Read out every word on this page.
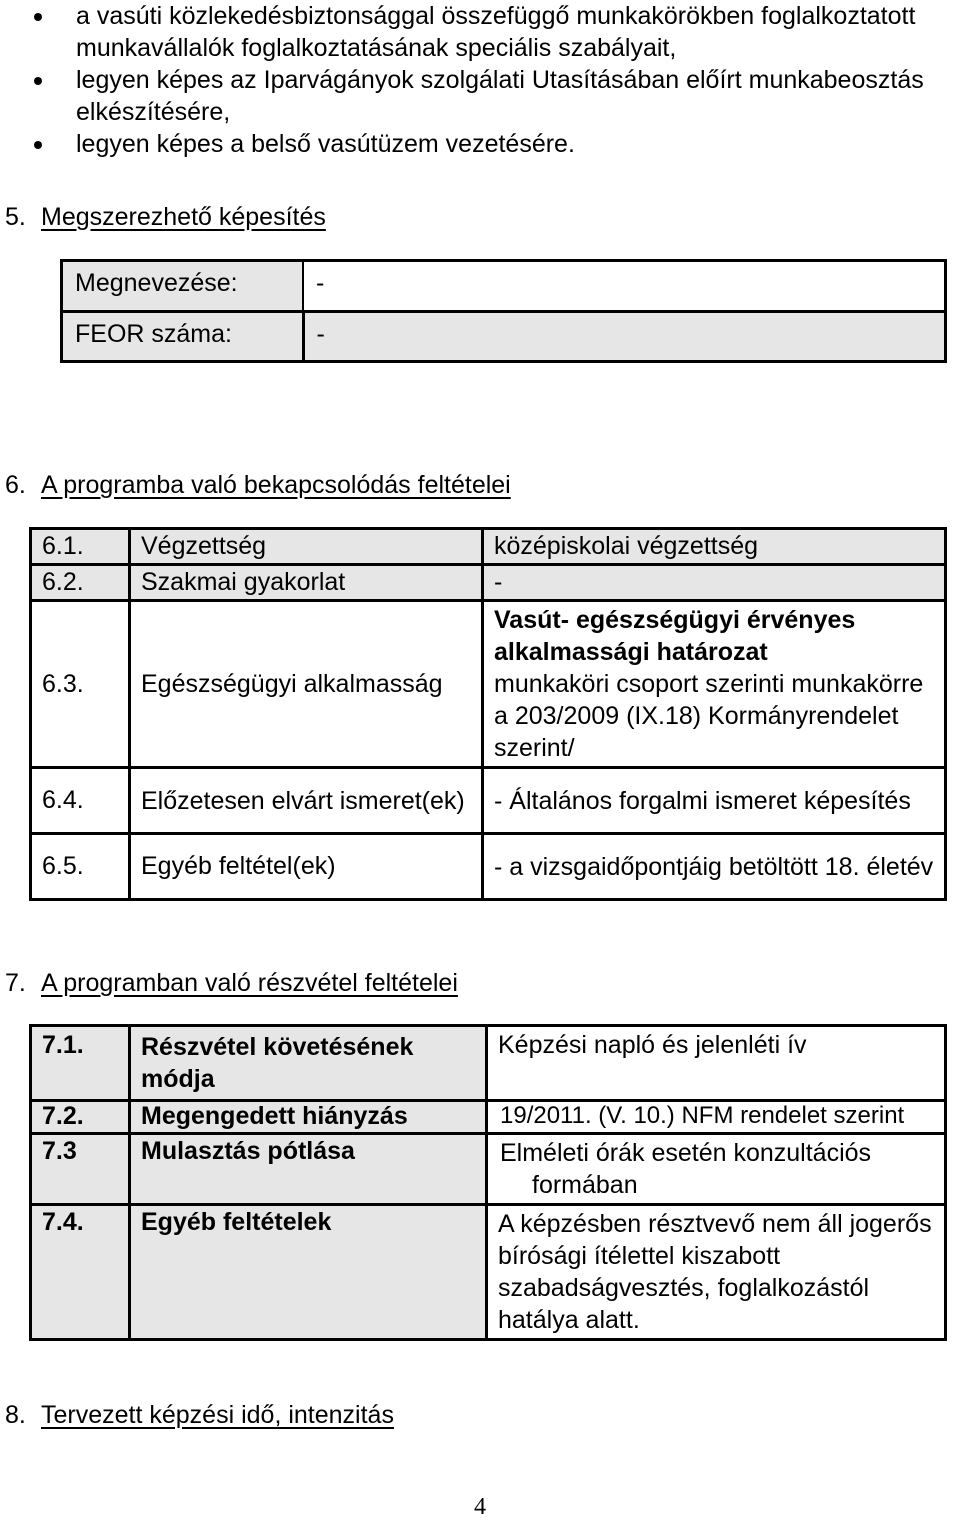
a vasúti közlekedésbiztonsággal összefüggő munkakörökben foglalkoztatott munkavállalók foglalkoztatásának speciális szabályait,
legyen képes az Iparvágányok szolgálati Utasításában előírt munkabeosztás elkészítésére,
legyen képes a belső vasútüzem vezetésére.
5. Megszerezhető képesítés
Megnevezése:	-
FEOR száma:	-
6. A programba való bekapcsolódás feltételei
6.1.	Végzettség	középiskolai végzettség
6.2.	Szakmai gyakorlat	-
6.3.	Egészségügyi alkalmasság	Vasút- egészségügyi érvényes alkalmassági határozat
munkaköri csoport szerinti munkakörre a 203/2009 (IX.18) Kormányrendelet szerint/

6.4.	Előzetesen elvárt ismeret(ek)	- Általános forgalmi ismeret képesítés
6.5.	Egyéb feltétel(ek)	- a vizsgaidőpontjáig betöltött 18. életév
7. A programban való részvétel feltételei
7.1.	Részvétel követésének módja	Képzési napló és jelenléti ív
7.2.	Megengedett hiányzás	19/2011. (V. 10.) NFM rendelet szerint
7.3	Mulasztás pótlása	Elméleti órák esetén konzultációs formában
7.4.	Egyéb feltételek	A képzésben résztvevő nem áll jogerős bírósági ítélettel kiszabott szabadságvesztés, foglalkozástól hatálya alatt.
8. Tervezett képzési idő, intenzitás
4
